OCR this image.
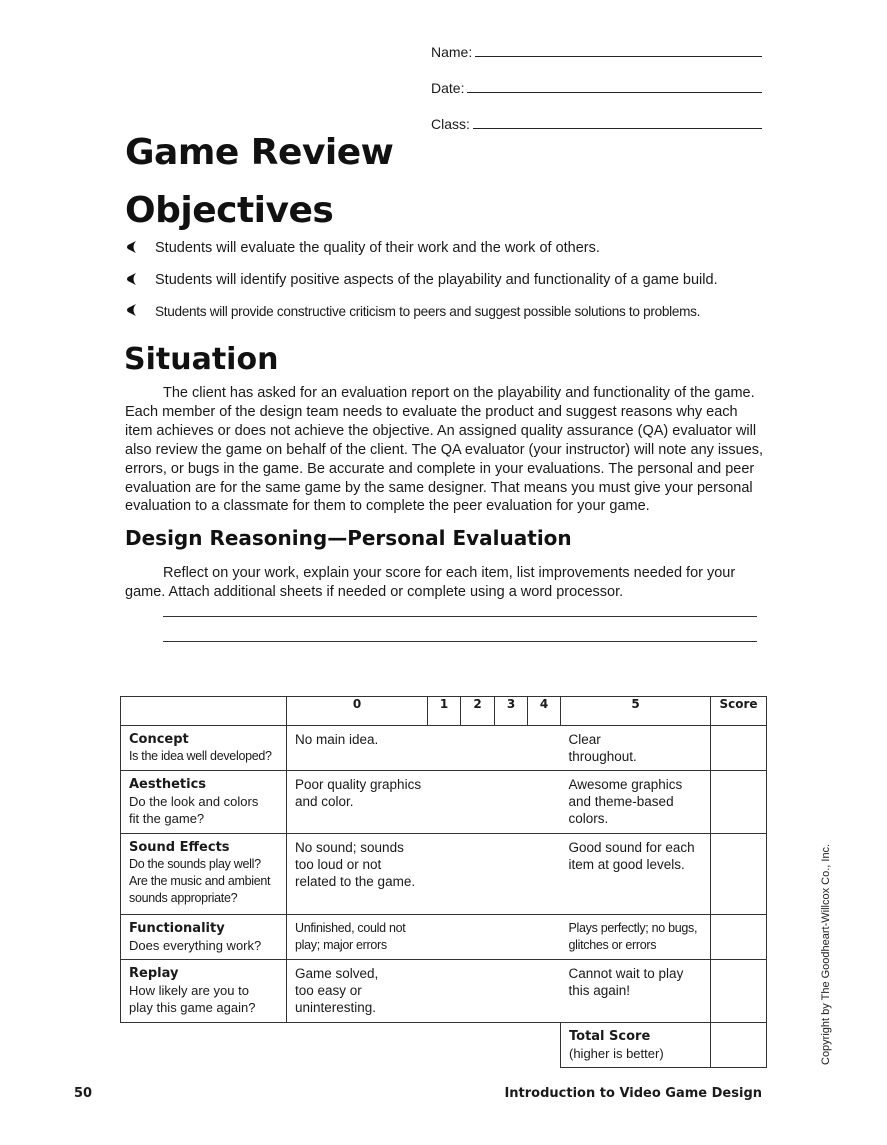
Name:
Date:
Class:
Game Review
Objectives
Students will evaluate the quality of their work and the work of others.
Students will identify positive aspects of the playability and functionality of a game build.
Students will provide constructive criticism to peers and suggest possible solutions to problems.
Situation
The client has asked for an evaluation report on the playability and functionality of the game. Each member of the design team needs to evaluate the product and suggest reasons why each item achieves or does not achieve the objective. An assigned quality assurance (QA) evaluator will also review the game on behalf of the client. The QA evaluator (your instructor) will note any issues, errors, or bugs in the game. Be accurate and complete in your evaluations. The personal and peer evaluation are for the same game by the same designer. That means you must give your personal evaluation to a classmate for them to complete the peer evaluation for your game.
Design Reasoning—Personal Evaluation
Reflect on your work, explain your score for each item, list improvements needed for your game. Attach additional sheets if needed or complete using a word processor.
	0	1	2	3	4	5	Score

Concept
Is the idea well developed?	No main idea.					Clear throughout.	

Aesthetics
Do the look and colors fit the game?	Poor quality graphics and color.					Awesome graphics and theme-based colors.	

Sound Effects
Do the sounds play well? Are the music and ambient sounds appropriate?	No sound; sounds too loud or not related to the game.					Good sound for each item at good levels.	

Functionality
Does everything work?	Unfinished, could not play; major errors					Plays perfectly; no bugs, glitches or errors	

Replay
How likely are you to play this game again?	Game solved, too easy or uninteresting.					Cannot wait to play this again!	

						Total Score
(higher is better)	
		Copyright by The Goodheart-Willcox Co., Inc.
50	Introduction to Video Game Design
